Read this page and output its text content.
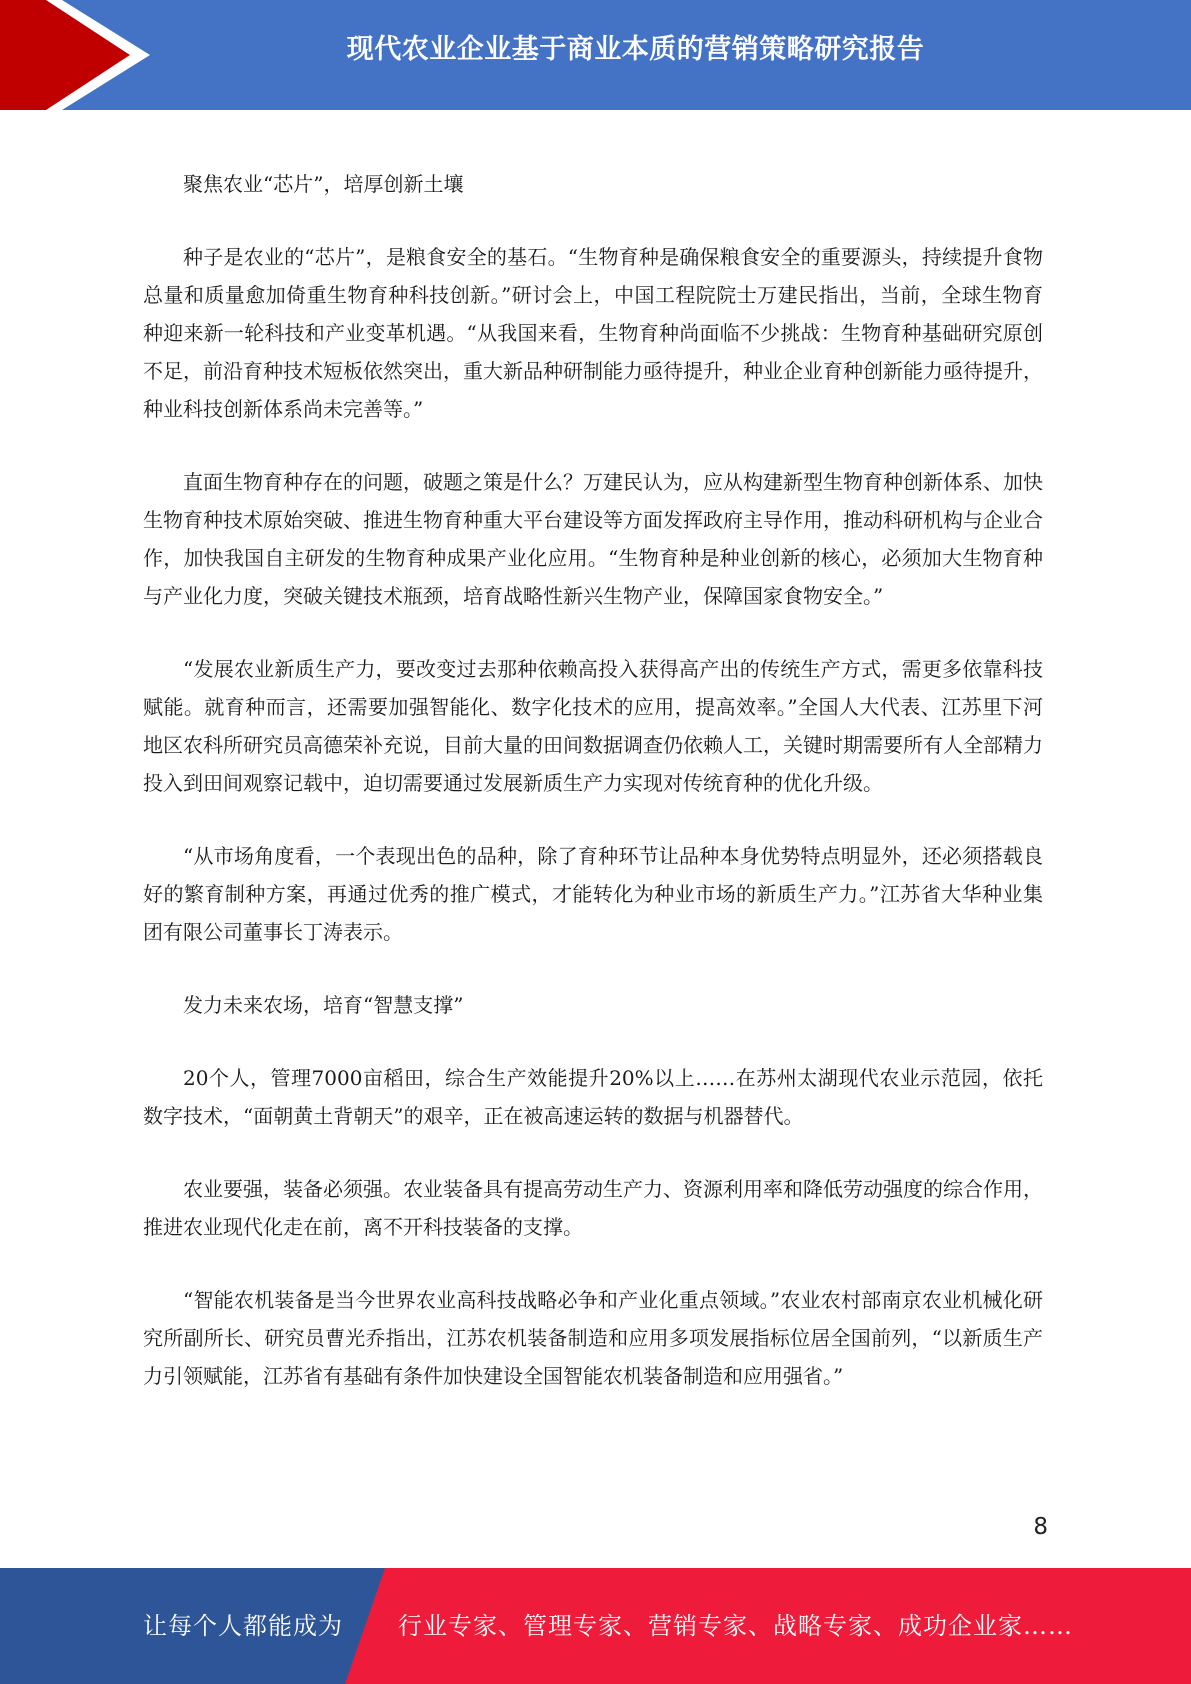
现代农业企业基于商业本质的营销策略研究报告

聚焦农业“芯片”，培厚创新土壤

种子是农业的“芯片”，是粮食安全的基石。“生物育种是确保粮食安全的重要源头，持续提升食物总量和质量愈加倚重生物育种科技创新。”研讨会上，中国工程院院士万建民指出，当前，全球生物育种迎来新一轮科技和产业变革机遇。“从我国来看，生物育种尚面临不少挑战：生物育种基础研究原创不足，前沿育种技术短板依然突出，重大新品种研制能力亟待提升，种业企业育种创新能力亟待提升，种业科技创新体系尚未完善等。”

直面生物育种存在的问题，破题之策是什么？万建民认为，应从构建新型生物育种创新体系、加快生物育种技术原始突破、推进生物育种重大平台建设等方面发挥政府主导作用，推动科研机构与企业合作，加快我国自主研发的生物育种成果产业化应用。“生物育种是种业创新的核心，必须加大生物育种与产业化力度，突破关键技术瓶颈，培育战略性新兴生物产业，保障国家食物安全。”

“发展农业新质生产力，要改变过去那种依赖高投入获得高产出的传统生产方式，需更多依靠科技赋能。就育种而言，还需要加强智能化、数字化技术的应用，提高效率。”全国人大代表、江苏里下河地区农科所研究员高德荣补充说，目前大量的田间数据调查仍依赖人工，关键时期需要所有人全部精力投入到田间观察记载中，迫切需要通过发展新质生产力实现对传统育种的优化升级。

“从市场角度看，一个表现出色的品种，除了育种环节让品种本身优势特点明显外，还必须搭载良好的繁育制种方案，再通过优秀的推广模式，才能转化为种业市场的新质生产力。”江苏省大华种业集团有限公司董事长丁涛表示。

发力未来农场，培育“智慧支撑”

20个人，管理7000亩稻田，综合生产效能提升20%以上……在苏州太湖现代农业示范园，依托数字技术，“面朝黄土背朝天”的艰辛，正在被高速运转的数据与机器替代。

农业要强，装备必须强。农业装备具有提高劳动生产力、资源利用率和降低劳动强度的综合作用，推进农业现代化走在前，离不开科技装备的支撑。

“智能农机装备是当今世界农业高科技战略必争和产业化重点领域。”农业农村部南京农业机械化研究所副所长、研究员曹光乔指出，江苏农机装备制造和应用多项发展指标位居全国前列，“以新质生产力引领赋能，江苏省有基础有条件加快建设全国智能农机装备制造和应用强省。”

8
让每个人都能成为 行业专家、管理专家、营销专家、战略专家、成功企业家……
